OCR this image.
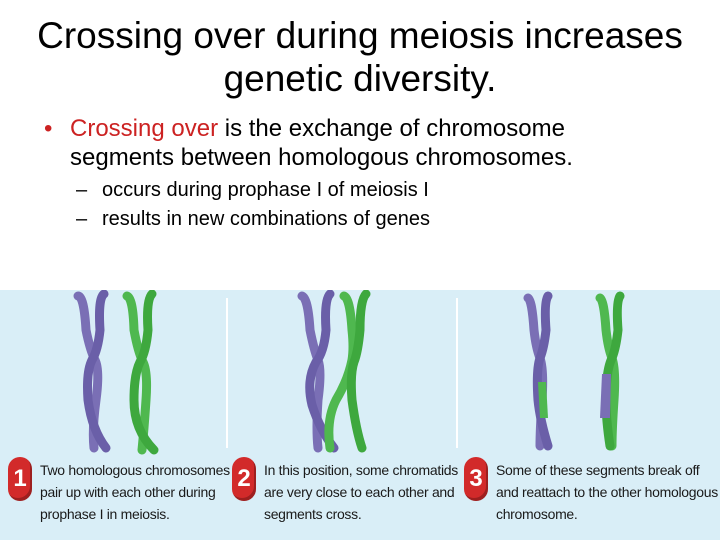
Crossing over during meiosis increases
genetic diversity.
• Crossing over is the exchange of chromosome
segments between homologous chromosomes.
– occurs during prophase I of meiosis I
– results in new combinations of genes
1 Two homologous chromosomes
pair up with each other during
prophase I in meiosis.
2 In this position, some chromatids
are very close to each other and
segments cross.
3 Some of these segments break off
and reattach to the other homologous
chromosome.
